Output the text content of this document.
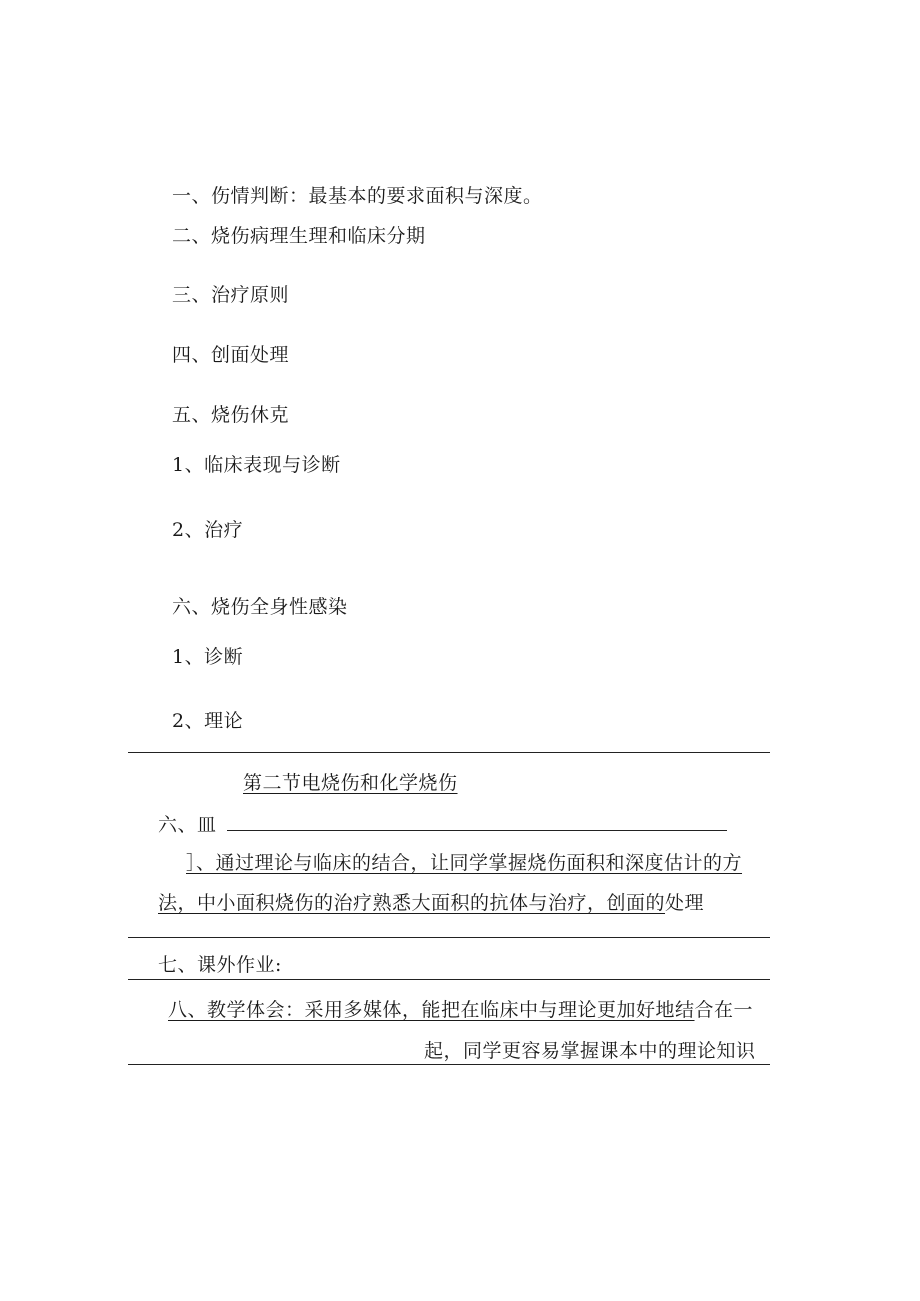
一、伤情判断：最基本的要求面积与深度。
二、烧伤病理生理和临床分期
三、治疗原则
四、创面处理
五、烧伤休克
1、临床表现与诊断
2、治疗
六、烧伤全身性感染
1、诊断
2、理论
第二节电烧伤和化学烧伤
六、皿
］、通过理论与临床的结合，让同学掌握烧伤面积和深度估计的方
法，中小面积烧伤的治疗熟悉大面积的抗体与治疗，创面的处理
七、课外作业:
八、教学体会：采用多媒体，能把在临床中与理论更加好地结合在一
起，同学更容易掌握课本中的理论知识
